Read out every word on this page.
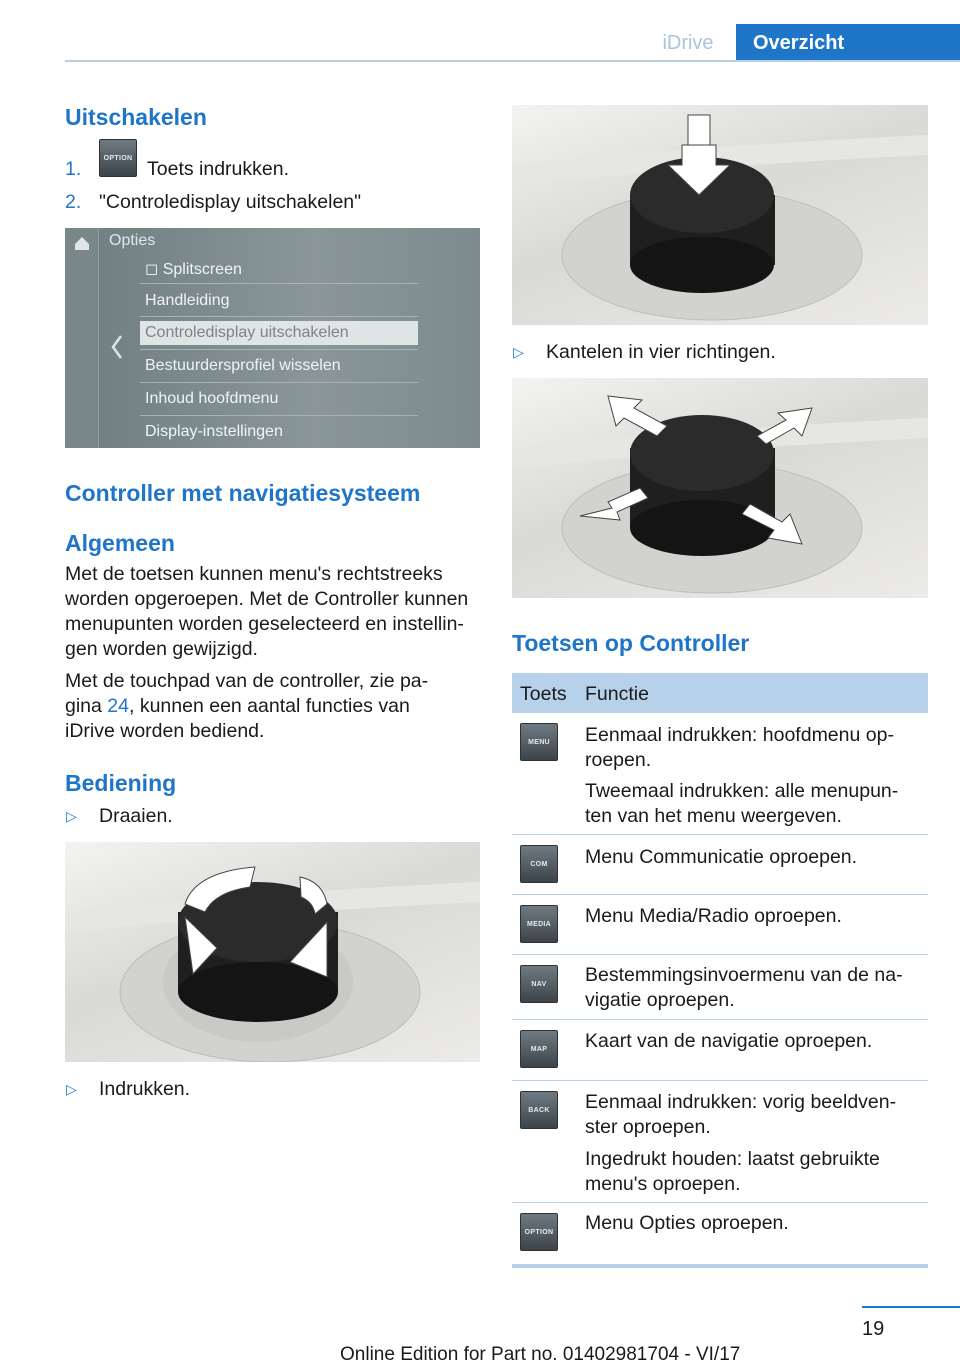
iDrive	Overzicht
Uitschakelen
1.	OPTION Toets indrukken.
2. "Controledisplay uitschakelen"
Opties
◻ Splitscreen
Handleiding
Controledisplay uitschakelen
Bestuurdersprofiel wisselen
Inhoud hoofdmenu
Display-instellingen
Controller met navigatiesysteem
Algemeen
Met de toetsen kunnen menu's rechtstreeks
worden opgeroepen. Met de Controller kunnen
menupunten worden geselecteerd en instellin‐
gen worden gewijzigd.
Met de touchpad van de controller, zie pa‐
gina 24, kunnen een aantal functies van
iDrive worden bediend.
Bediening
▷ Draaien.
▷ Indrukken.
▷ Kantelen in vier richtingen.
Toetsen op Controller
Toets Functie
MENU	Eenmaal indrukken: hoofdmenu op‐
roepen.
Tweemaal indrukken: alle menupun‐
ten van het menu weergeven.
COM	Menu Communicatie oproepen.
MEDIA	Menu Media/Radio oproepen.
NAV	Bestemmingsinvoermenu van de na‐
vigatie oproepen.
MAP	Kaart van de navigatie oproepen.
BACK	Eenmaal indrukken: vorig beeldven‐
ster oproepen.
Ingedrukt houden: laatst gebruikte
menu's oproepen.
OPTION Menu Opties oproepen.
19
Online Edition for Part no. 01402981704 - VI/17
